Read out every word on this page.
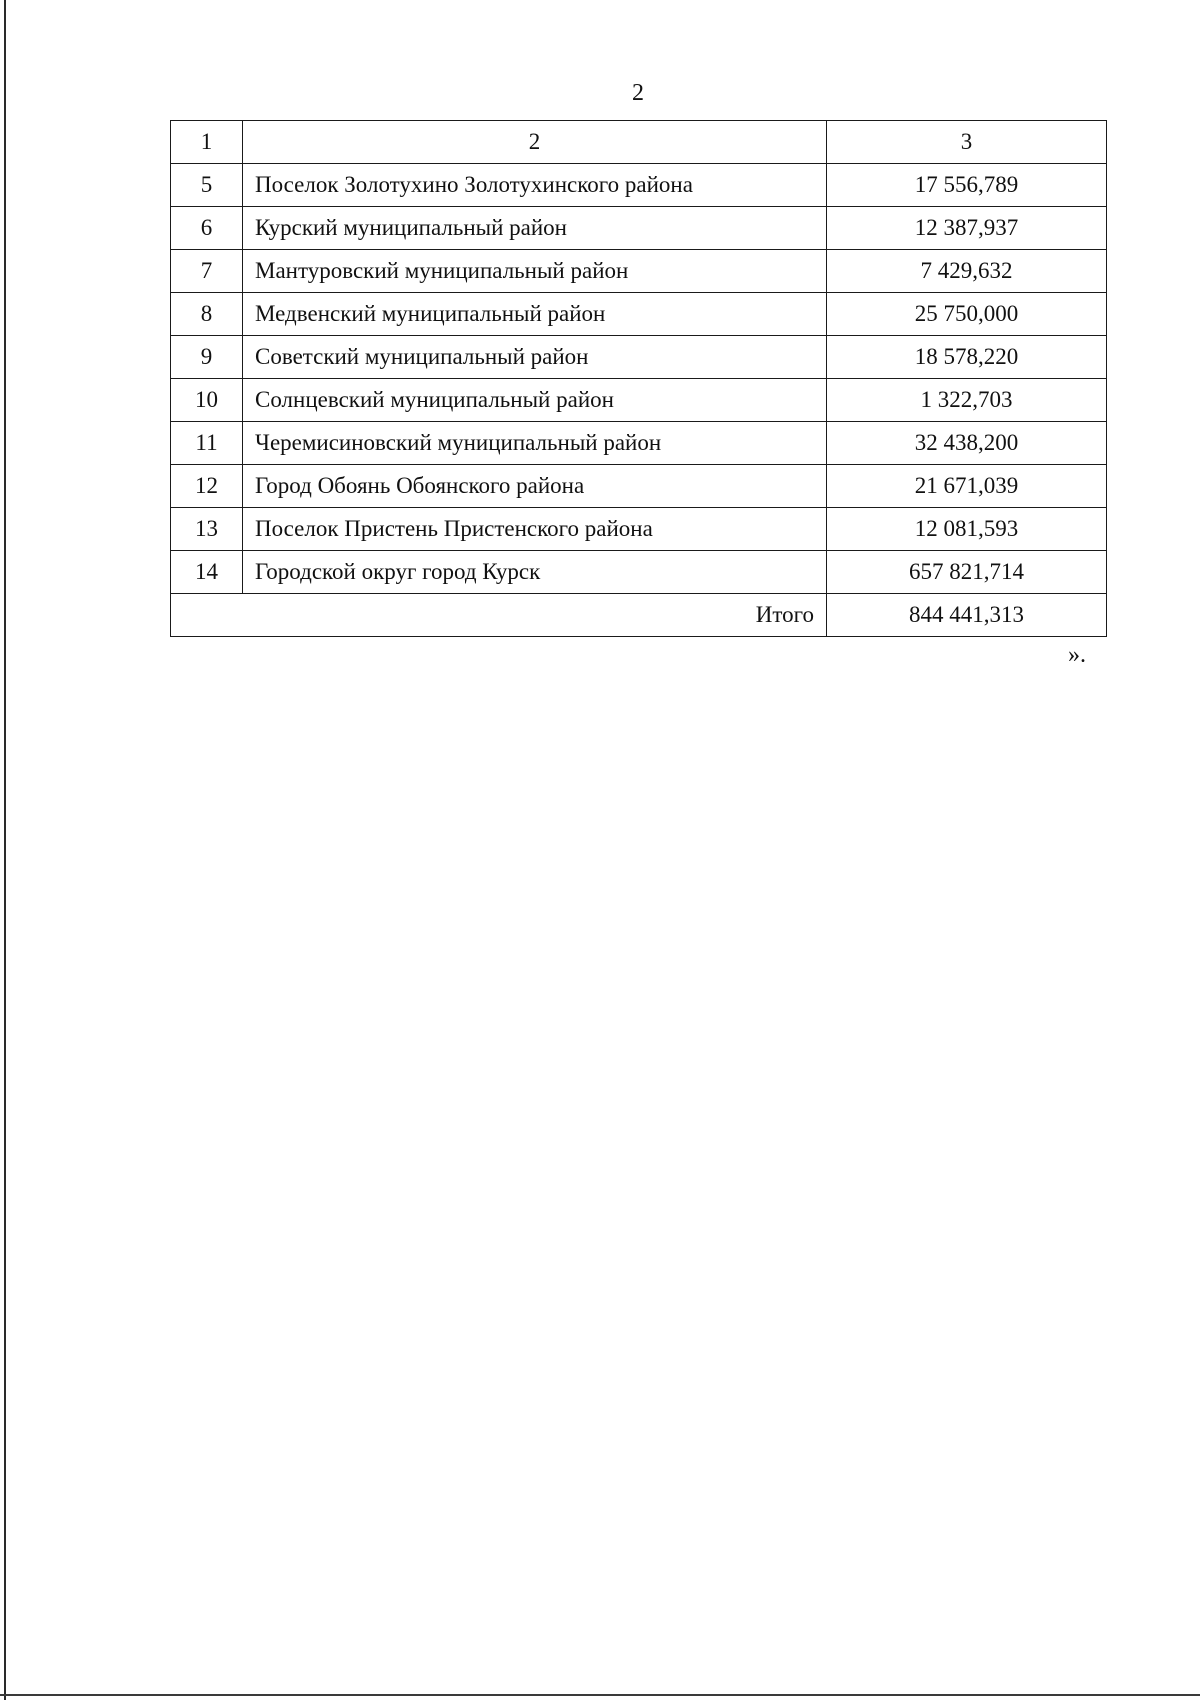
2
1	2	3
5	Поселок Золотухино Золотухинского района	17 556,789
6	Курский муниципальный район	12 387,937
7	Мантуровский муниципальный район	7 429,632
8	Медвенский муниципальный район	25 750,000
9	Советский муниципальный район	18 578,220
10	Солнцевский муниципальный район	1 322,703
11	Черемисиновский муниципальный район	32 438,200
12	Город Обоянь Обоянского района	21 671,039
13	Поселок Пристень Пристенского района	12 081,593
14	Городской округ город Курск	657 821,714
Итого		844 441,313
».
